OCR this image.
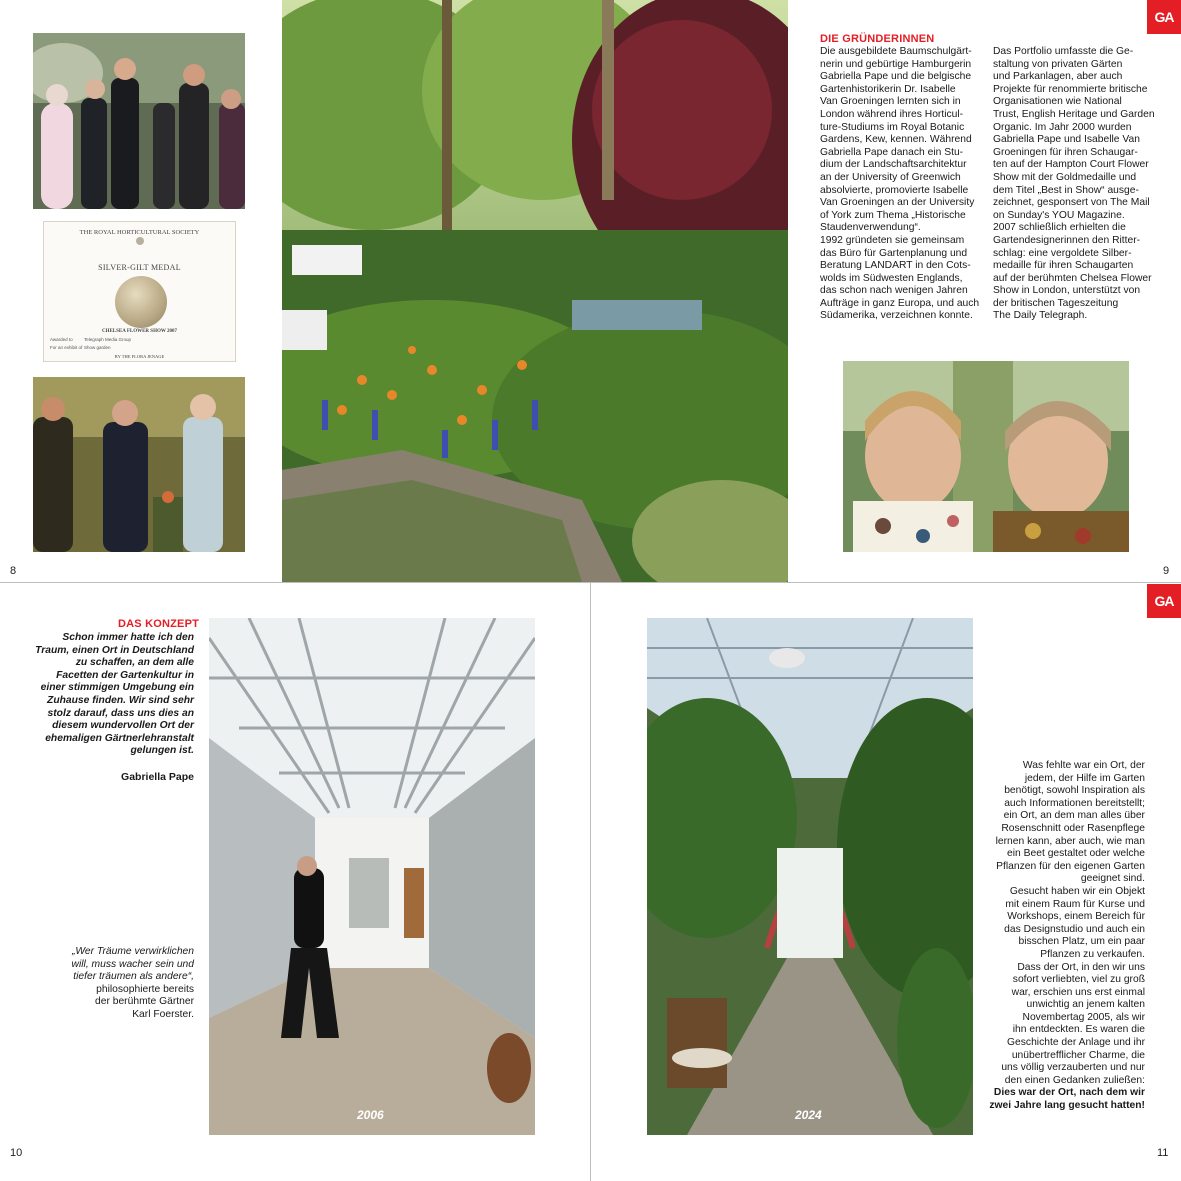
THE ROYAL HORTICULTURAL SOCIETY
SILVER-GILT MEDAL
CHELSEA FLOWER SHOW 2007
Awarded to	Telegraph Media Group
For an exhibit of Show garden
BY THE FLORA JENAGE
8
GA
DIE GRÜNDERINNEN
Die ausgebildete Baumschulgärt-
nerin und gebürtige Hamburgerin
Gabriella Pape und die belgische
Gartenhistorikerin Dr. Isabelle
Van Groeningen lernten sich in
London während ihres Horticul-
ture-Studiums im Royal Botanic
Gardens, Kew, kennen. Während
Gabriella Pape danach ein Stu-
dium der Landschaftsarchitektur
an der University of Greenwich
absolvierte, promovierte Isabelle
Van Groeningen an der University
of York zum Thema „Historische
Staudenverwendung“.
1992 gründeten sie gemeinsam
das Büro für Gartenplanung und
Beratung LANDART in den Cots-
wolds im Südwesten Englands,
das schon nach wenigen Jahren
Aufträge in ganz Europa, und auch
Südamerika, verzeichnen konnte.
Das Portfolio umfasste die Ge-
staltung von privaten Gärten
und Parkanlagen, aber auch
Projekte für renommierte britische
Organisationen wie National
Trust, English Heritage und Garden
Organic. Im Jahr 2000 wurden
Gabriella Pape und Isabelle Van
Groeningen für ihren Schaugar-
ten auf der Hampton Court Flower
Show mit der Goldmedaille und
dem Titel „Best in Show“ ausge-
zeichnet, gesponsert von The Mail
on Sunday's YOU Magazine.
2007 schließlich erhielten die
Gartendesignerinnen den Ritter-
schlag: eine vergoldete Silber-
medaille für ihren Schaugarten
auf der berühmten Chelsea Flower
Show in London, unterstützt von
der britischen Tageszeitung
The Daily Telegraph.
9
DAS KONZEPT
Schon immer hatte ich den
Traum, einen Ort in Deutschland
zu schaffen, an dem alle
Facetten der Gartenkultur in
einer stimmigen Umgebung ein
Zuhause finden. Wir sind sehr
stolz darauf, dass uns dies an
diesem wundervollen Ort der
ehemaligen Gärtnerlehranstalt
gelungen ist.
Gabriella Pape
„Wer Träume verwirklichen
will, muss wacher sein und
tiefer träumen als andere“,
philosophierte bereits
der berühmte Gärtner
Karl Foerster.
2006
10
GA
2024
Was fehlte war ein Ort, der
jedem, der Hilfe im Garten
benötigt, sowohl Inspiration als
auch Informationen bereitstellt;
ein Ort, an dem man alles über
Rosenschnitt oder Rasenpflege
lernen kann, aber auch, wie man
ein Beet gestaltet oder welche
Pflanzen für den eigenen Garten
geeignet sind.
Gesucht haben wir ein Objekt
mit einem Raum für Kurse und
Workshops, einem Bereich für
das Designstudio und auch ein
bisschen Platz, um ein paar
Pflanzen zu verkaufen.
Dass der Ort, in den wir uns
sofort verliebten, viel zu groß
war, erschien uns erst einmal
unwichtig an jenem kalten
Novembertag 2005, als wir
ihn entdeckten. Es waren die
Geschichte der Anlage und ihr
unübertrefflicher Charme, die
uns völlig verzauberten und nur
den einen Gedanken zuließen:
Dies war der Ort, nach dem wir
zwei Jahre lang gesucht hatten!
11
